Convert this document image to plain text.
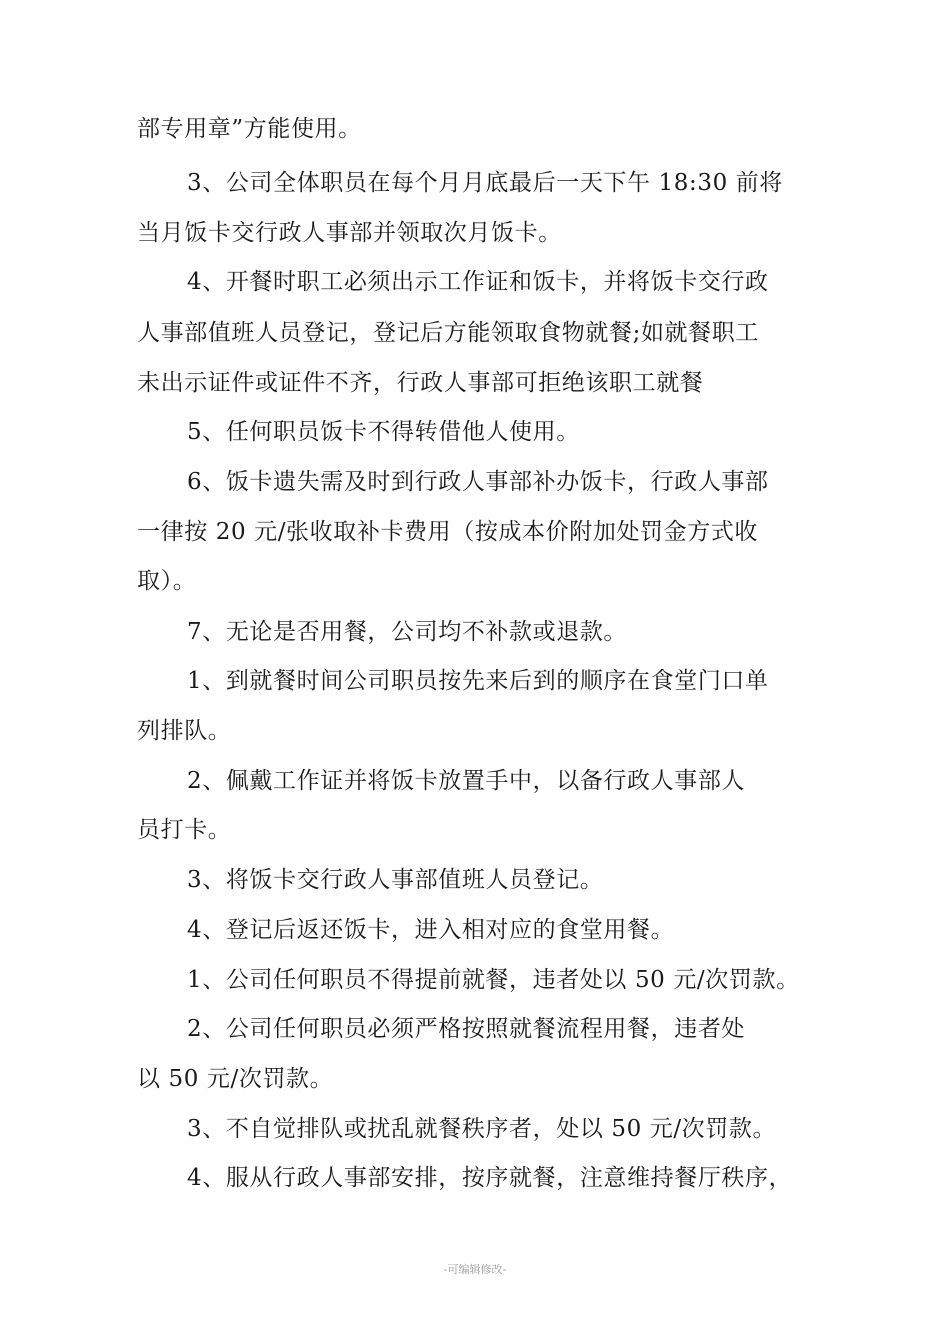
部专用章”方能使用。
3、公司全体职员在每个月月底最后一天下午 18:30 前将
当月饭卡交行政人事部并领取次月饭卡。
4、开餐时职工必须出示工作证和饭卡，并将饭卡交行政
人事部值班人员登记，登记后方能领取食物就餐;如就餐职工
未出示证件或证件不齐，行政人事部可拒绝该职工就餐
5、任何职员饭卡不得转借他人使用。
6、饭卡遗失需及时到行政人事部补办饭卡，行政人事部
一律按 20 元/张收取补卡费用（按成本价附加处罚金方式收
取）。
7、无论是否用餐，公司均不补款或退款。
1、到就餐时间公司职员按先来后到的顺序在食堂门口单
列排队。
2、佩戴工作证并将饭卡放置手中，以备行政人事部人
员打卡。
3、将饭卡交行政人事部值班人员登记。
4、登记后返还饭卡，进入相对应的食堂用餐。
1、公司任何职员不得提前就餐，违者处以 50 元/次罚款。
2、公司任何职员必须严格按照就餐流程用餐，违者处
以 50 元/次罚款。
3、不自觉排队或扰乱就餐秩序者，处以 50 元/次罚款。
4、服从行政人事部安排，按序就餐，注意维持餐厅秩序，
-可编辑修改-
